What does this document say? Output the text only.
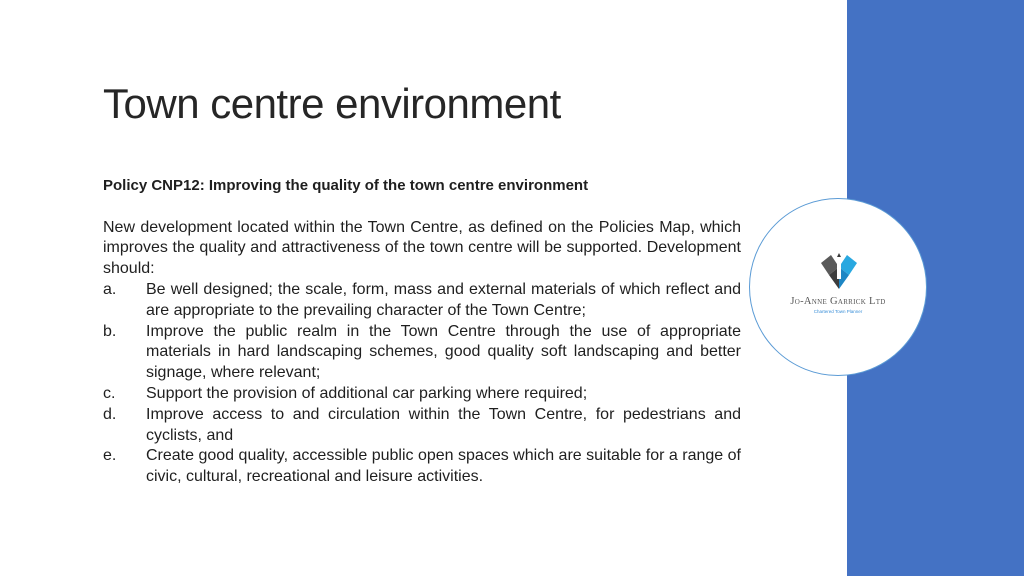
Jo-Anne Garrick Ltd
Chartered Town Planner
Town centre environment

Policy CNP12: Improving the quality of the town centre environment

New development located within the Town Centre, as defined on the Policies Map, which improves the quality and attractiveness of the town centre will be supported. Development should:

a.	Be well designed; the scale, form, mass and external materials of which reflect and are appropriate to the prevailing character of the Town Centre;
b.	Improve the public realm in the Town Centre through the use of appropriate materials in hard landscaping schemes, good quality soft landscaping and better signage, where relevant;
c.	Support the provision of additional car parking where required;
d.	Improve access to and circulation within the Town Centre, for pedestrians and cyclists, and
e.	Create good quality, accessible public open spaces which are suitable for a range of civic, cultural, recreational and leisure activities.
